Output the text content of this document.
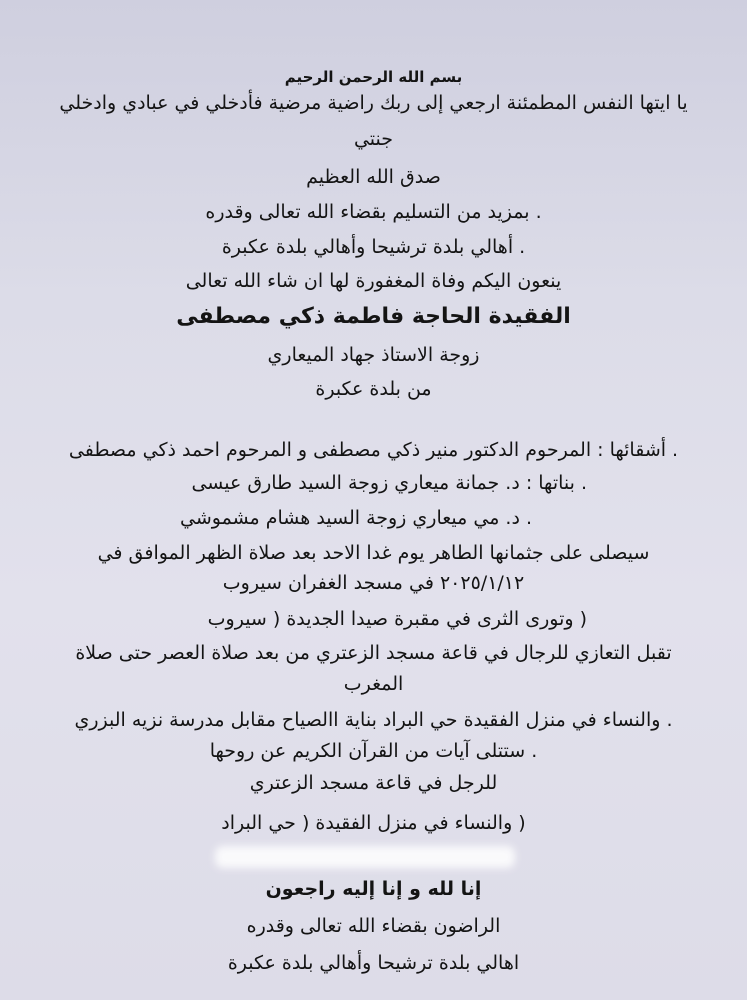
بسم الله الرحمن الرحيم
يا ايتها النفس المطمئنة ارجعي إلى ربك راضية مرضية فأدخلي في عبادي وادخلي
جنتي
صدق الله العظيم
. بمزيد من التسليم بقضاء الله تعالى وقدره
. أهالي بلدة ترشيحا وأهالي بلدة عكبرة
ينعون اليكم وفاة المغفورة لها ان شاء الله تعالى
الفقيدة الحاجة فاطمة ذكي مصطفى
زوجة الاستاذ جهاد الميعاري
من بلدة عكبرة
. أشقائها : المرحوم الدكتور منير ذكي مصطفى و المرحوم احمد ذكي مصطفى
. بناتها : د. جمانة ميعاري زوجة السيد طارق عيسى
. د. مي ميعاري زوجة السيد هشام مشموشي
سيصلى على جثمانها الطاهر يوم غدا الاحد بعد صلاة الظهر الموافق في
٢٠٢٥/١/١٢ في مسجد الغفران سيروب
( وتورى الثرى في مقبرة صيدا الجديدة ( سيروب
تقبل التعازي للرجال في قاعة مسجد الزعتري من بعد صلاة العصر حتى صلاة
المغرب
. والنساء في منزل الفقيدة حي البراد بناية االصياح مقابل مدرسة نزيه البزري
. ستتلى آيات من القرآن الكريم عن روحها
للرجل في قاعة مسجد الزعتري
( والنساء في منزل الفقيدة ( حي البراد
إنا لله و إنا إليه راجعون
الراضون بقضاء الله تعالى وقدره
اهالي بلدة ترشيحا وأهالي بلدة عكبرة
